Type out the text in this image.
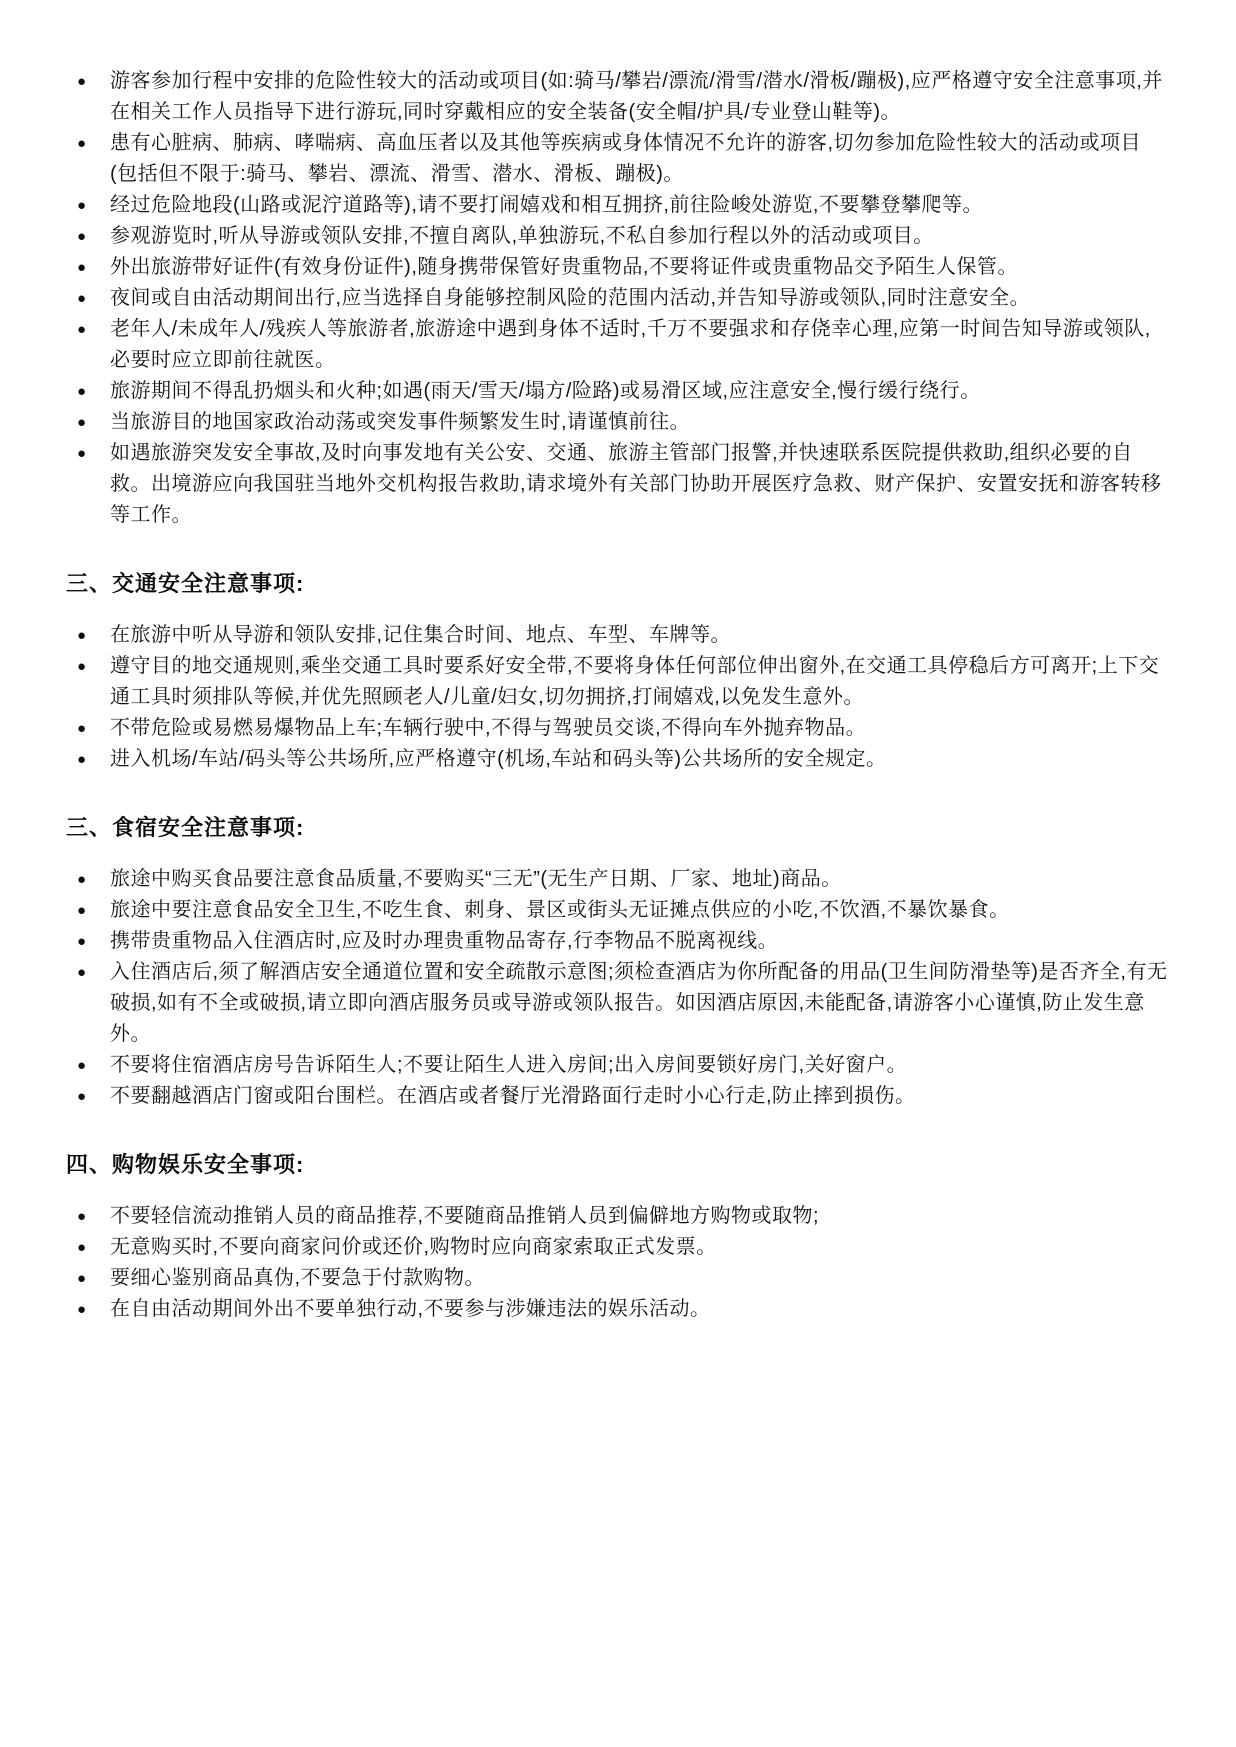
● 游客参加行程中安排的危险性较大的活动或项目(如:骑马/攀岩/漂流/滑雪/潜水/滑板/蹦极),应严格遵守安全注意事项,并在相关工作人员指导下进行游玩,同时穿戴相应的安全装备(安全帽/护具/专业登山鞋等)。
● 患有心脏病、肺病、哮喘病、高血压者以及其他等疾病或身体情况不允许的游客,切勿参加危险性较大的活动或项目(包括但不限于:骑马、攀岩、漂流、滑雪、潜水、滑板、蹦极)。
● 经过危险地段(山路或泥泞道路等),请不要打闹嬉戏和相互拥挤,前往险峻处游览,不要攀登攀爬等。
● 参观游览时,听从导游或领队安排,不擅自离队,单独游玩,不私自参加行程以外的活动或项目。
● 外出旅游带好证件(有效身份证件),随身携带保管好贵重物品,不要将证件或贵重物品交予陌生人保管。
● 夜间或自由活动期间出行,应当选择自身能够控制风险的范围内活动,并告知导游或领队,同时注意安全。
● 老年人/未成年人/残疾人等旅游者,旅游途中遇到身体不适时,千万不要强求和存侥幸心理,应第一时间告知导游或领队,必要时应立即前往就医。
● 旅游期间不得乱扔烟头和火种;如遇(雨天/雪天/塌方/险路)或易滑区域,应注意安全,慢行缓行绕行。
● 当旅游目的地国家政治动荡或突发事件频繁发生时,请谨慎前往。
● 如遇旅游突发安全事故,及时向事发地有关公安、交通、旅游主管部门报警,并快速联系医院提供救助,组织必要的自救。出境游应向我国驻当地外交机构报告救助,请求境外有关部门协助开展医疗急救、财产保护、安置安抚和游客转移等工作。
三、交通安全注意事项:
● 在旅游中听从导游和领队安排,记住集合时间、地点、车型、车牌等。
● 遵守目的地交通规则,乘坐交通工具时要系好安全带,不要将身体任何部位伸出窗外,在交通工具停稳后方可离开;上下交通工具时须排队等候,并优先照顾老人/儿童/妇女,切勿拥挤,打闹嬉戏,以免发生意外。
● 不带危险或易燃易爆物品上车;车辆行驶中,不得与驾驶员交谈,不得向车外抛弃物品。
● 进入机场/车站/码头等公共场所,应严格遵守(机场,车站和码头等)公共场所的安全规定。
三、食宿安全注意事项:
● 旅途中购买食品要注意食品质量,不要购买“三无”(无生产日期、厂家、地址)商品。
● 旅途中要注意食品安全卫生,不吃生食、刺身、景区或街头无证摊点供应的小吃,不饮酒,不暴饮暴食。
● 携带贵重物品入住酒店时,应及时办理贵重物品寄存,行李物品不脱离视线。
● 入住酒店后,须了解酒店安全通道位置和安全疏散示意图;须检查酒店为你所配备的用品(卫生间防滑垫等)是否齐全,有无破损,如有不全或破损,请立即向酒店服务员或导游或领队报告。如因酒店原因,未能配备,请游客小心谨慎,防止发生意外。
● 不要将住宿酒店房号告诉陌生人;不要让陌生人进入房间;出入房间要锁好房门,关好窗户。
● 不要翻越酒店门窗或阳台围栏。在酒店或者餐厅光滑路面行走时小心行走,防止摔到损伤。
四、购物娱乐安全事项:
● 不要轻信流动推销人员的商品推荐,不要随商品推销人员到偏僻地方购物或取物;
● 无意购买时,不要向商家问价或还价,购物时应向商家索取正式发票。
● 要细心鉴别商品真伪,不要急于付款购物。
● 在自由活动期间外出不要单独行动,不要参与涉嫌违法的娱乐活动。
